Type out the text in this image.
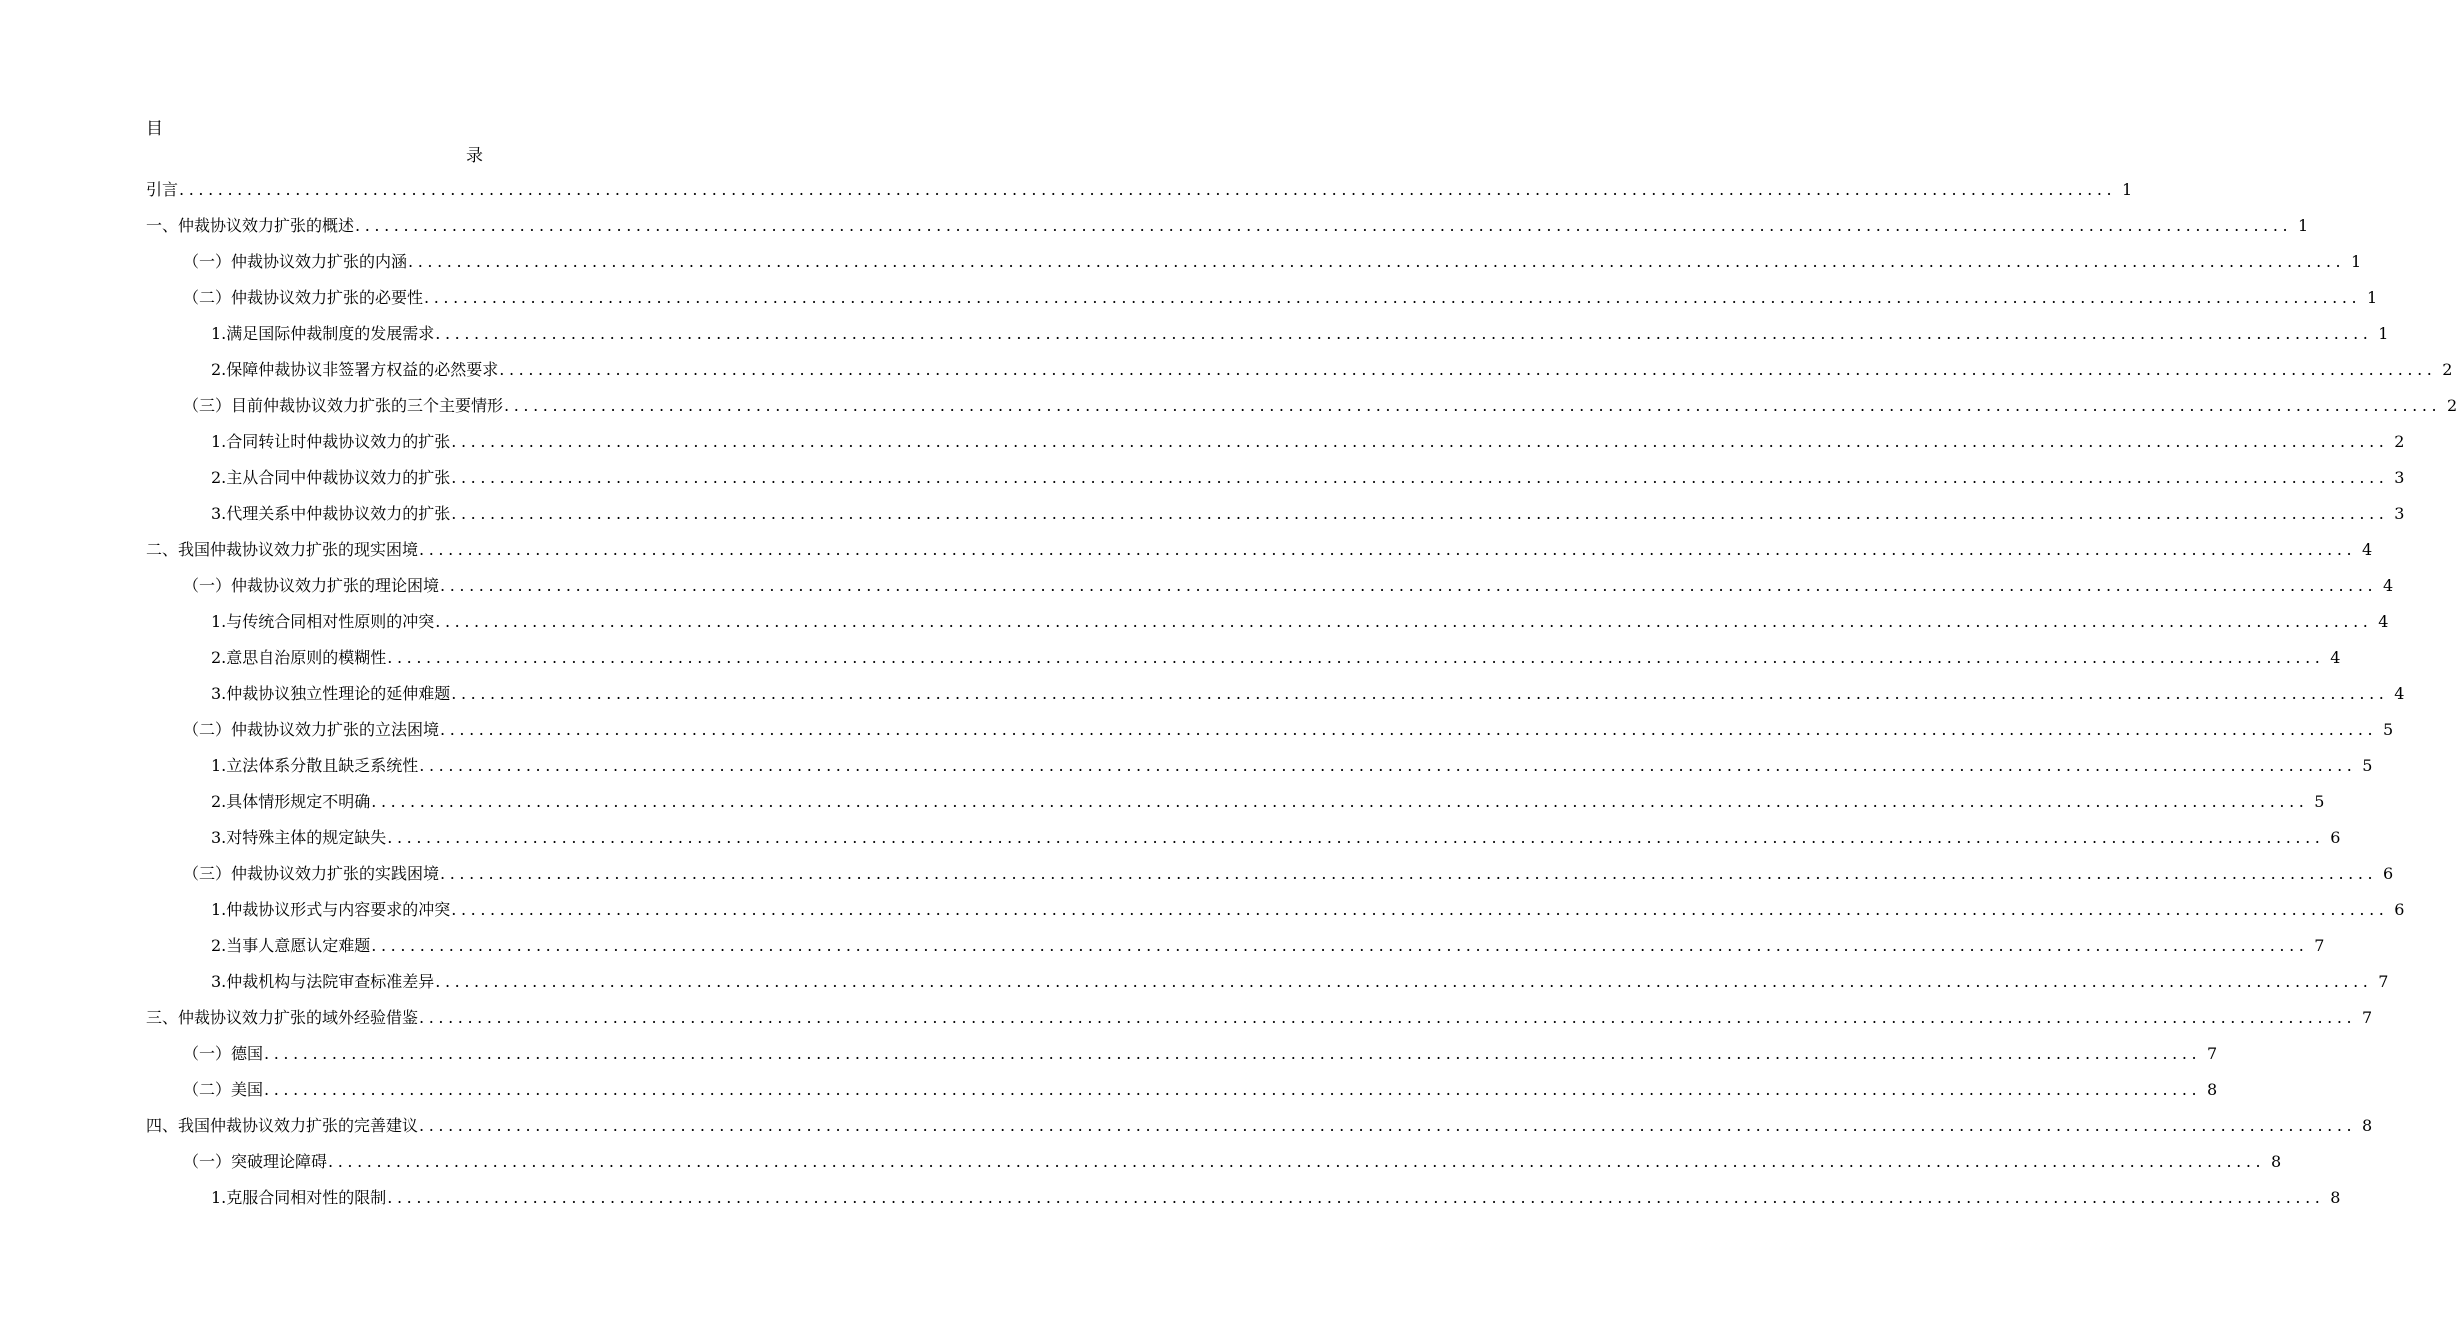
目
录
引言 ........................................................................................................................................................................................................ 1
一、仲裁协议效力扩张的概述 ........................................................................................................................................................................................................ 1
（一）仲裁协议效力扩张的内涵 ........................................................................................................................................................................................................ 1
（二）仲裁协议效力扩张的必要性 ........................................................................................................................................................................................................ 1
1.满足国际仲裁制度的发展需求 ........................................................................................................................................................................................................ 1
2.保障仲裁协议非签署方权益的必然要求 ........................................................................................................................................................................................................ 2
（三）目前仲裁协议效力扩张的三个主要情形 ........................................................................................................................................................................................................ 2
1.合同转让时仲裁协议效力的扩张 ........................................................................................................................................................................................................ 2
2.主从合同中仲裁协议效力的扩张 ........................................................................................................................................................................................................ 3
3.代理关系中仲裁协议效力的扩张 ........................................................................................................................................................................................................ 3
二、我国仲裁协议效力扩张的现实困境 ........................................................................................................................................................................................................ 4
（一）仲裁协议效力扩张的理论困境 ........................................................................................................................................................................................................ 4
1.与传统合同相对性原则的冲突 ........................................................................................................................................................................................................ 4
2.意思自治原则的模糊性 ........................................................................................................................................................................................................ 4
3.仲裁协议独立性理论的延伸难题 ........................................................................................................................................................................................................ 4
（二）仲裁协议效力扩张的立法困境 ........................................................................................................................................................................................................ 5
1.立法体系分散且缺乏系统性 ........................................................................................................................................................................................................ 5
2.具体情形规定不明确 ........................................................................................................................................................................................................ 5
3.对特殊主体的规定缺失 ........................................................................................................................................................................................................ 6
（三）仲裁协议效力扩张的实践困境 ........................................................................................................................................................................................................ 6
1.仲裁协议形式与内容要求的冲突 ........................................................................................................................................................................................................ 6
2.当事人意愿认定难题 ........................................................................................................................................................................................................ 7
3.仲裁机构与法院审查标准差异 ........................................................................................................................................................................................................ 7
三、仲裁协议效力扩张的域外经验借鉴 ........................................................................................................................................................................................................ 7
（一）德国 ........................................................................................................................................................................................................ 7
（二）美国 ........................................................................................................................................................................................................ 8
四、我国仲裁协议效力扩张的完善建议 ........................................................................................................................................................................................................ 8
（一）突破理论障碍 ........................................................................................................................................................................................................ 8
1.克服合同相对性的限制 ........................................................................................................................................................................................................ 8
